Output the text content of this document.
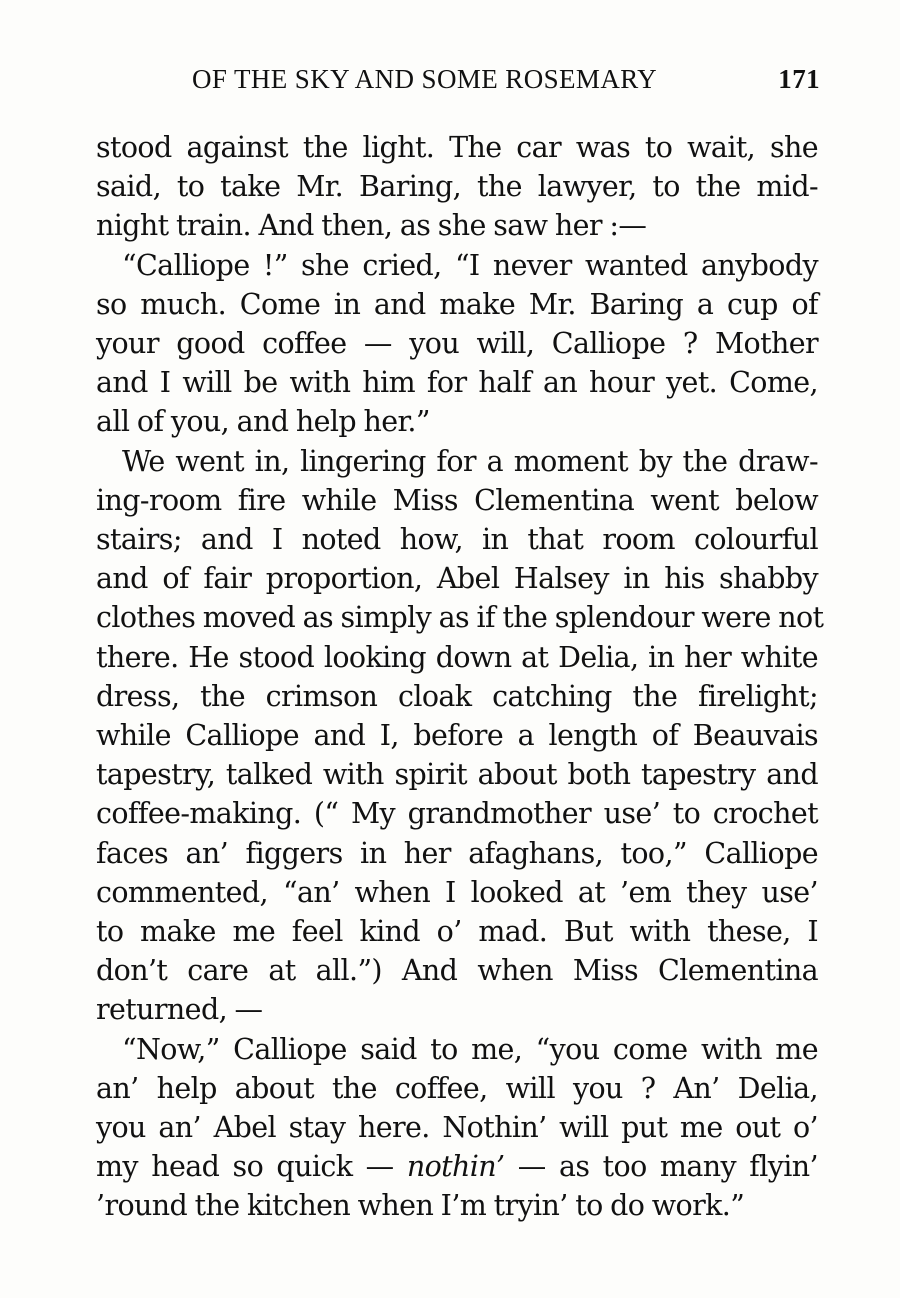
OF THE SKY AND SOME ROSEMARY	171
stood against the light. The car was to wait, she
said, to take Mr. Baring, the lawyer, to the mid-
night train. And then, as she saw her :—
“Calliope !” she cried, “I never wanted anybody
so much. Come in and make Mr. Baring a cup of
your good coffee — you will, Calliope ? Mother
and I will be with him for half an hour yet. Come,
all of you, and help her.”
We went in, lingering for a moment by the draw-
ing-room fire while Miss Clementina went below
stairs; and I noted how, in that room colourful
and of fair proportion, Abel Halsey in his shabby
clothes moved as simply as if the splendour were not
there. He stood looking down at Delia, in her white
dress, the crimson cloak catching the firelight;
while Calliope and I, before a length of Beauvais
tapestry, talked with spirit about both tapestry and
coffee-making. (“ My grandmother use’ to crochet
faces an’ figgers in her afaghans, too,” Calliope
commented, “an’ when I looked at ’em they use’
to make me feel kind o’ mad. But with these, I
don’t care at all.”) And when Miss Clementina
returned, —
“Now,” Calliope said to me, “you come with me
an’ help about the coffee, will you ? An’ Delia,
you an’ Abel stay here. Nothin’ will put me out o’
my head so quick — nothin’ — as too many flyin’
’round the kitchen when I’m tryin’ to do work.”
